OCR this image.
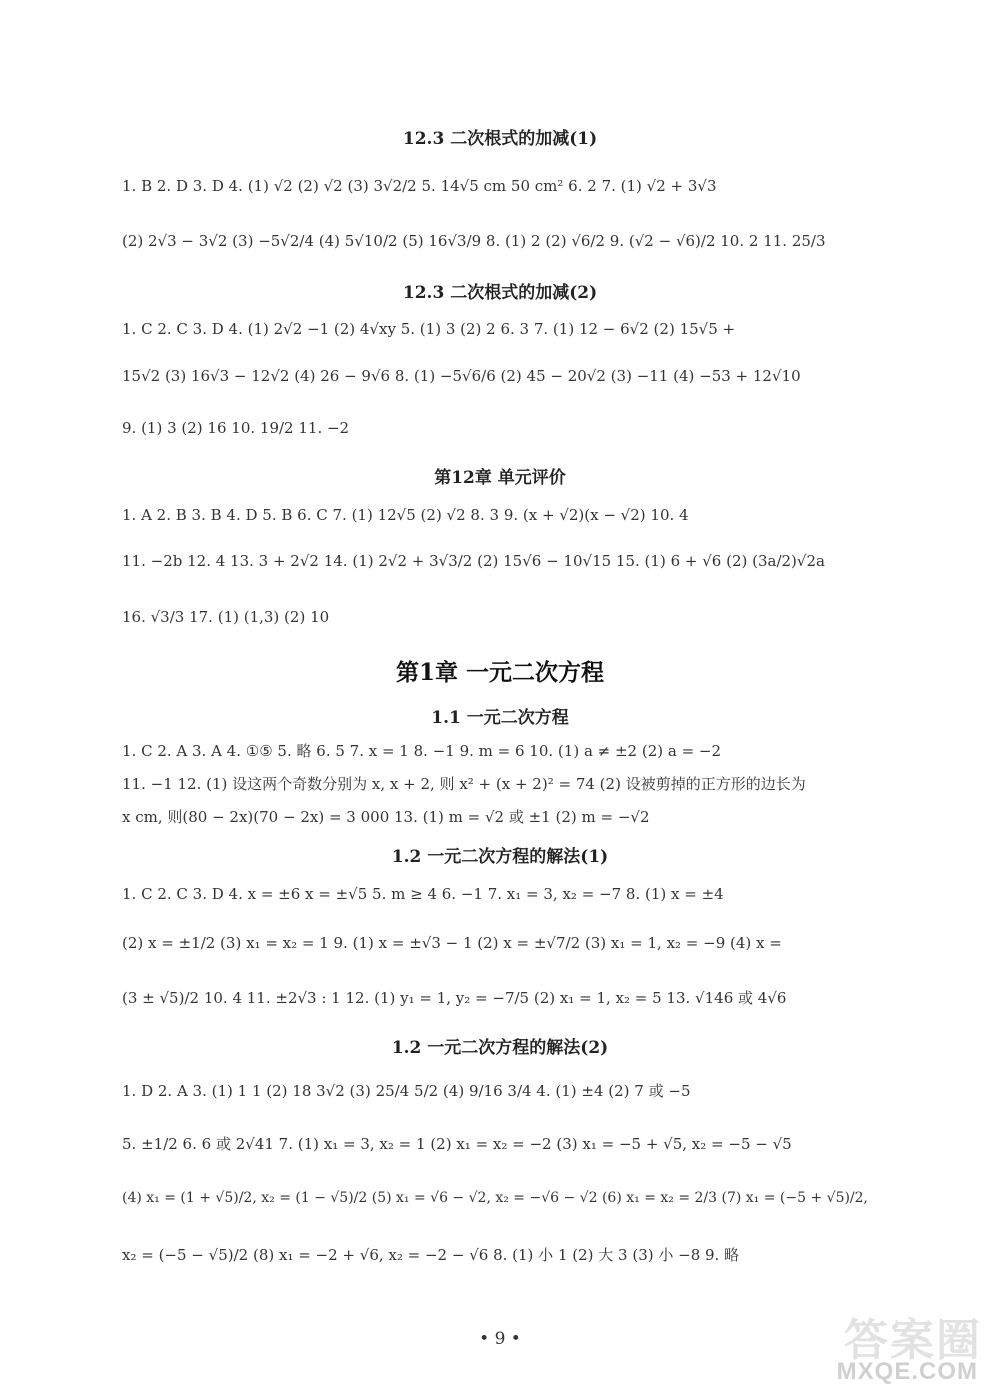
12.3 二次根式的加减(1)
1. B 2. D 3. D 4. (1) √2 (2) √2 (3) 3√2/2 5. 14√5 cm 50 cm² 6. 2 7. (1) √2 + 3√3
(2) 2√3 − 3√2 (3) −5√2/4 (4) 5√10/2 (5) 16√3/9 8. (1) 2 (2) √6/2 9. (√2 − √6)/2 10. 2 11. 25/3
12.3 二次根式的加减(2)
1. C 2. C 3. D 4. (1) 2√2 −1 (2) 4√xy 5. (1) 3 (2) 2 6. 3 7. (1) 12 − 6√2 (2) 15√5 +
15√2 (3) 16√3 − 12√2 (4) 26 − 9√6 8. (1) −5√6/6 (2) 45 − 20√2 (3) −11 (4) −53 + 12√10
9. (1) 3 (2) 16 10. 19/2 11. −2
第12章 单元评价
1. A 2. B 3. B 4. D 5. B 6. C 7. (1) 12√5 (2) √2 8. 3 9. (x + √2)(x − √2) 10. 4
11. −2b 12. 4 13. 3 + 2√2 14. (1) 2√2 + 3√3/2 (2) 15√6 − 10√15 15. (1) 6 + √6 (2) (3a/2)√2a
16. √3/3 17. (1) (1,3) (2) 10
第1章 一元二次方程
1.1 一元二次方程
1. C 2. A 3. A 4. ①⑤ 5. 略 6. 5 7. x = 1 8. −1 9. m = 6 10. (1) a ≠ ±2 (2) a = −2
11. −1 12. (1) 设这两个奇数分别为 x, x + 2, 则 x² + (x + 2)² = 74 (2) 设被剪掉的正方形的边长为
x cm, 则(80 − 2x)(70 − 2x) = 3 000 13. (1) m = √2 或 ±1 (2) m = −√2
1.2 一元二次方程的解法(1)
1. C 2. C 3. D 4. x = ±6 x = ±√5 5. m ≥ 4 6. −1 7. x₁ = 3, x₂ = −7 8. (1) x = ±4
(2) x = ±1/2 (3) x₁ = x₂ = 1 9. (1) x = ±√3 − 1 (2) x = ±√7/2 (3) x₁ = 1, x₂ = −9 (4) x =
(3 ± √5)/2 10. 4 11. ±2√3 : 1 12. (1) y₁ = 1, y₂ = −7/5 (2) x₁ = 1, x₂ = 5 13. √146 或 4√6
1.2 一元二次方程的解法(2)
1. D 2. A 3. (1) 1 1 (2) 18 3√2 (3) 25/4 5/2 (4) 9/16 3/4 4. (1) ±4 (2) 7 或 −5
5. ±1/2 6. 6 或 2√41 7. (1) x₁ = 3, x₂ = 1 (2) x₁ = x₂ = −2 (3) x₁ = −5 + √5, x₂ = −5 − √5
(4) x₁ = (1 + √5)/2, x₂ = (1 − √5)/2 (5) x₁ = √6 − √2, x₂ = −√6 − √2 (6) x₁ = x₂ = 2/3 (7) x₁ = (−5 + √5)/2,
x₂ = (−5 − √5)/2 (8) x₁ = −2 + √6, x₂ = −2 − √6 8. (1) 小 1 (2) 大 3 (3) 小 −8 9. 略
• 9 •	答案圈
MXQE.COM
